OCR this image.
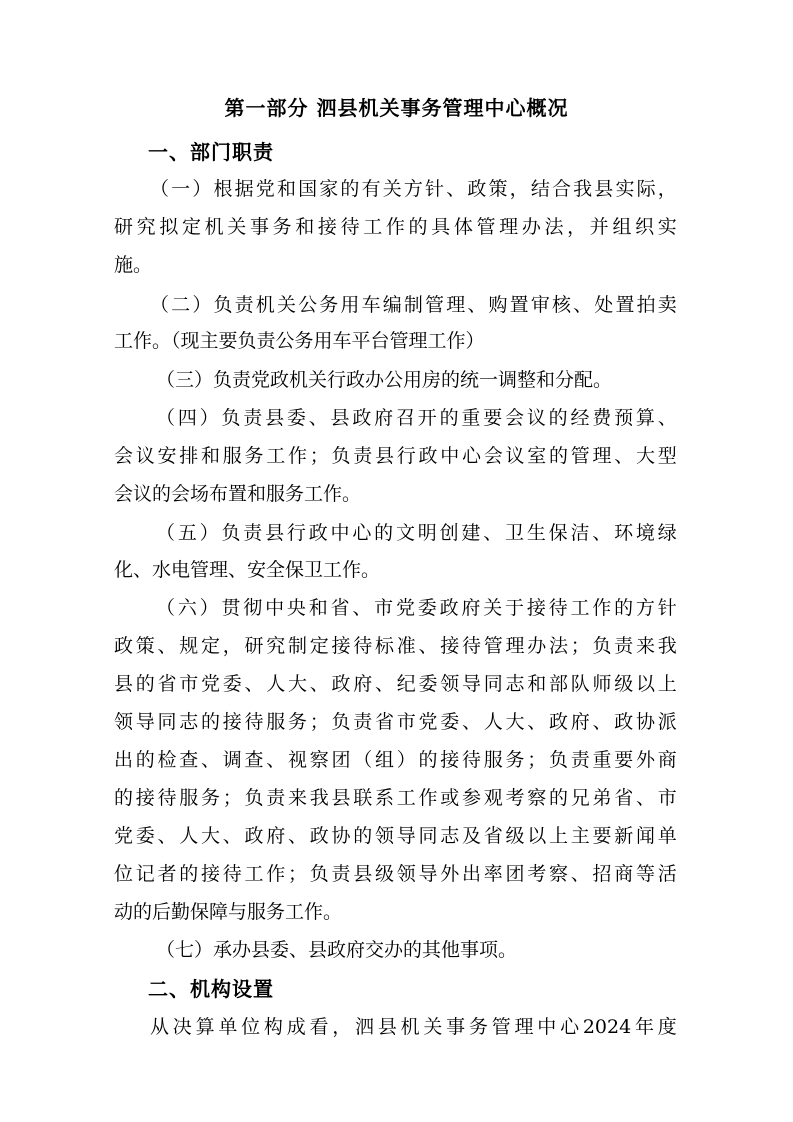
第一部分 泗县机关事务管理中心概况
一、部门职责
（ 一 ） 根 据 党 和 国 家 的 有 关 方 针 、 政 策 ， 结 合 我 县 实 际 ，
研 究 拟 定 机 关 事 务 和 接 待 工 作 的 具 体 管 理 办 法 ， 并 组 织 实
施。
（ 二 ） 负 责 机 关 公 务 用 车 编 制 管 理 、 购 置 审 核 、 处 置 拍 卖
工作。（现主要负责公务用车平台管理工作）
（三）负责党政机关行政办公用房的统一调整和分配。
（ 四 ） 负 责 县 委 、 县 政 府 召 开 的 重 要 会 议 的 经 费 预 算 、
会 议 安 排 和 服 务 工 作 ； 负 责 县 行 政 中 心 会 议 室 的 管 理 、 大 型
会议的会场布置和服务工作。
（ 五 ） 负 责 县 行 政 中 心 的 文 明 创 建 、 卫 生 保 洁 、 环 境 绿
化、水电管理、安全保卫工作。
（ 六 ） 贯 彻 中 央 和 省 、 市 党 委 政 府 关 于 接 待 工 作 的 方 针
政 策 、 规 定 ， 研 究 制 定 接 待 标 准 、 接 待 管 理 办 法 ； 负 责 来 我
县 的 省 市 党 委 、 人 大 、 政 府 、 纪 委 领 导 同 志 和 部 队 师 级 以 上
领 导 同 志 的 接 待 服 务 ； 负 责 省 市 党 委 、 人 大 、 政 府 、 政 协 派
出 的 检 查 、 调 查 、 视 察 团 （ 组 ） 的 接 待 服 务 ； 负 责 重 要 外 商
的 接 待 服 务 ； 负 责 来 我 县 联 系 工 作 或 参 观 考 察 的 兄 弟 省 、 市
党 委 、 人 大 、 政 府 、 政 协 的 领 导 同 志 及 省 级 以 上 主 要 新 闻 单
位 记 者 的 接 待 工 作 ； 负 责 县 级 领 导 外 出 率 团 考 察 、 招 商 等 活
动的后勤保障与服务工作。
（七）承办县委、县政府交办的其他事项。
二、机构设置
从 决 算 单 位 构 成 看 ， 泗 县 机 关 事 务 管 理 中 心 2024 年 度
